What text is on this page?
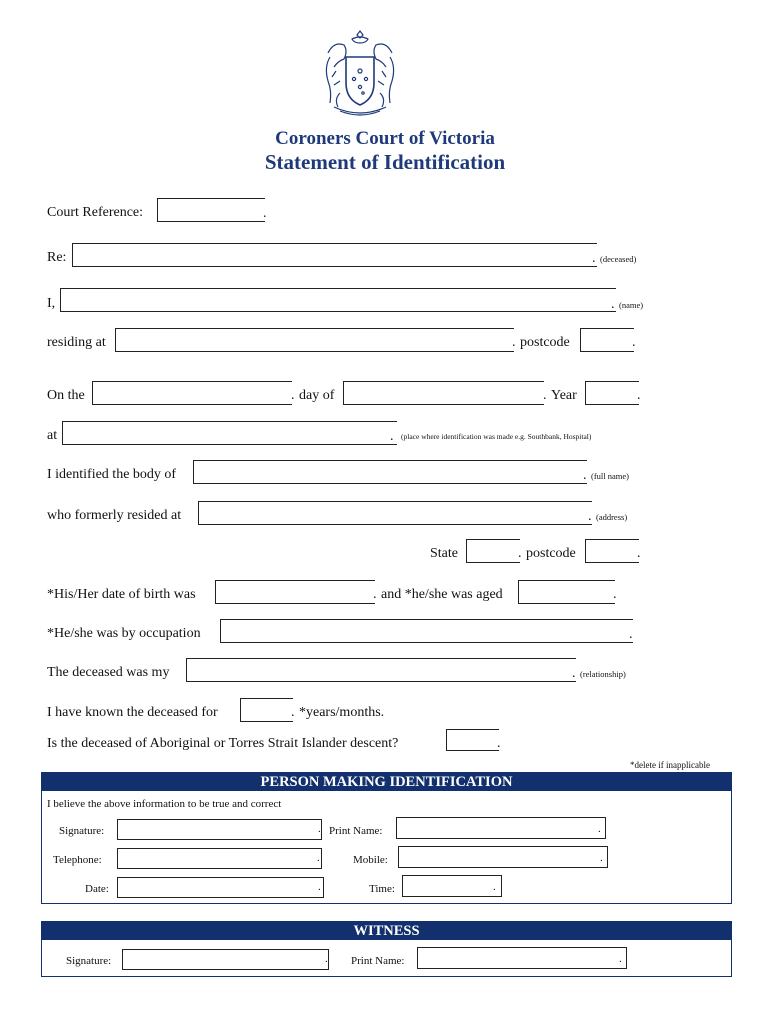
Coroners Court of Victoria
Statement of Identification
Court Reference:	.
Re:	. (deceased)
I,	. (name)
residing at	. postcode	.
On the	. day of	. Year	.
at	. (place where identification was made e.g. Southbank, Hospital)
I identified the body of	. (full name)
who formerly resided at	. (address)
State	. postcode	.
*His/Her date of birth was	. and *he/she was aged	.
*He/she was by occupation	.
The deceased was my	. (relationship)
I have known the deceased for	. *years/months.
Is the deceased of Aboriginal or Torres Strait Islander descent?	.
*delete if inapplicable
PERSON MAKING IDENTIFICATION
I believe the above information to be true and correct
Signature:	. Print Name:	.
Telephone:	.	Mobile:	.
Date:	.	Time:	.
WITNESS
Signature:	. Print Name:	.
